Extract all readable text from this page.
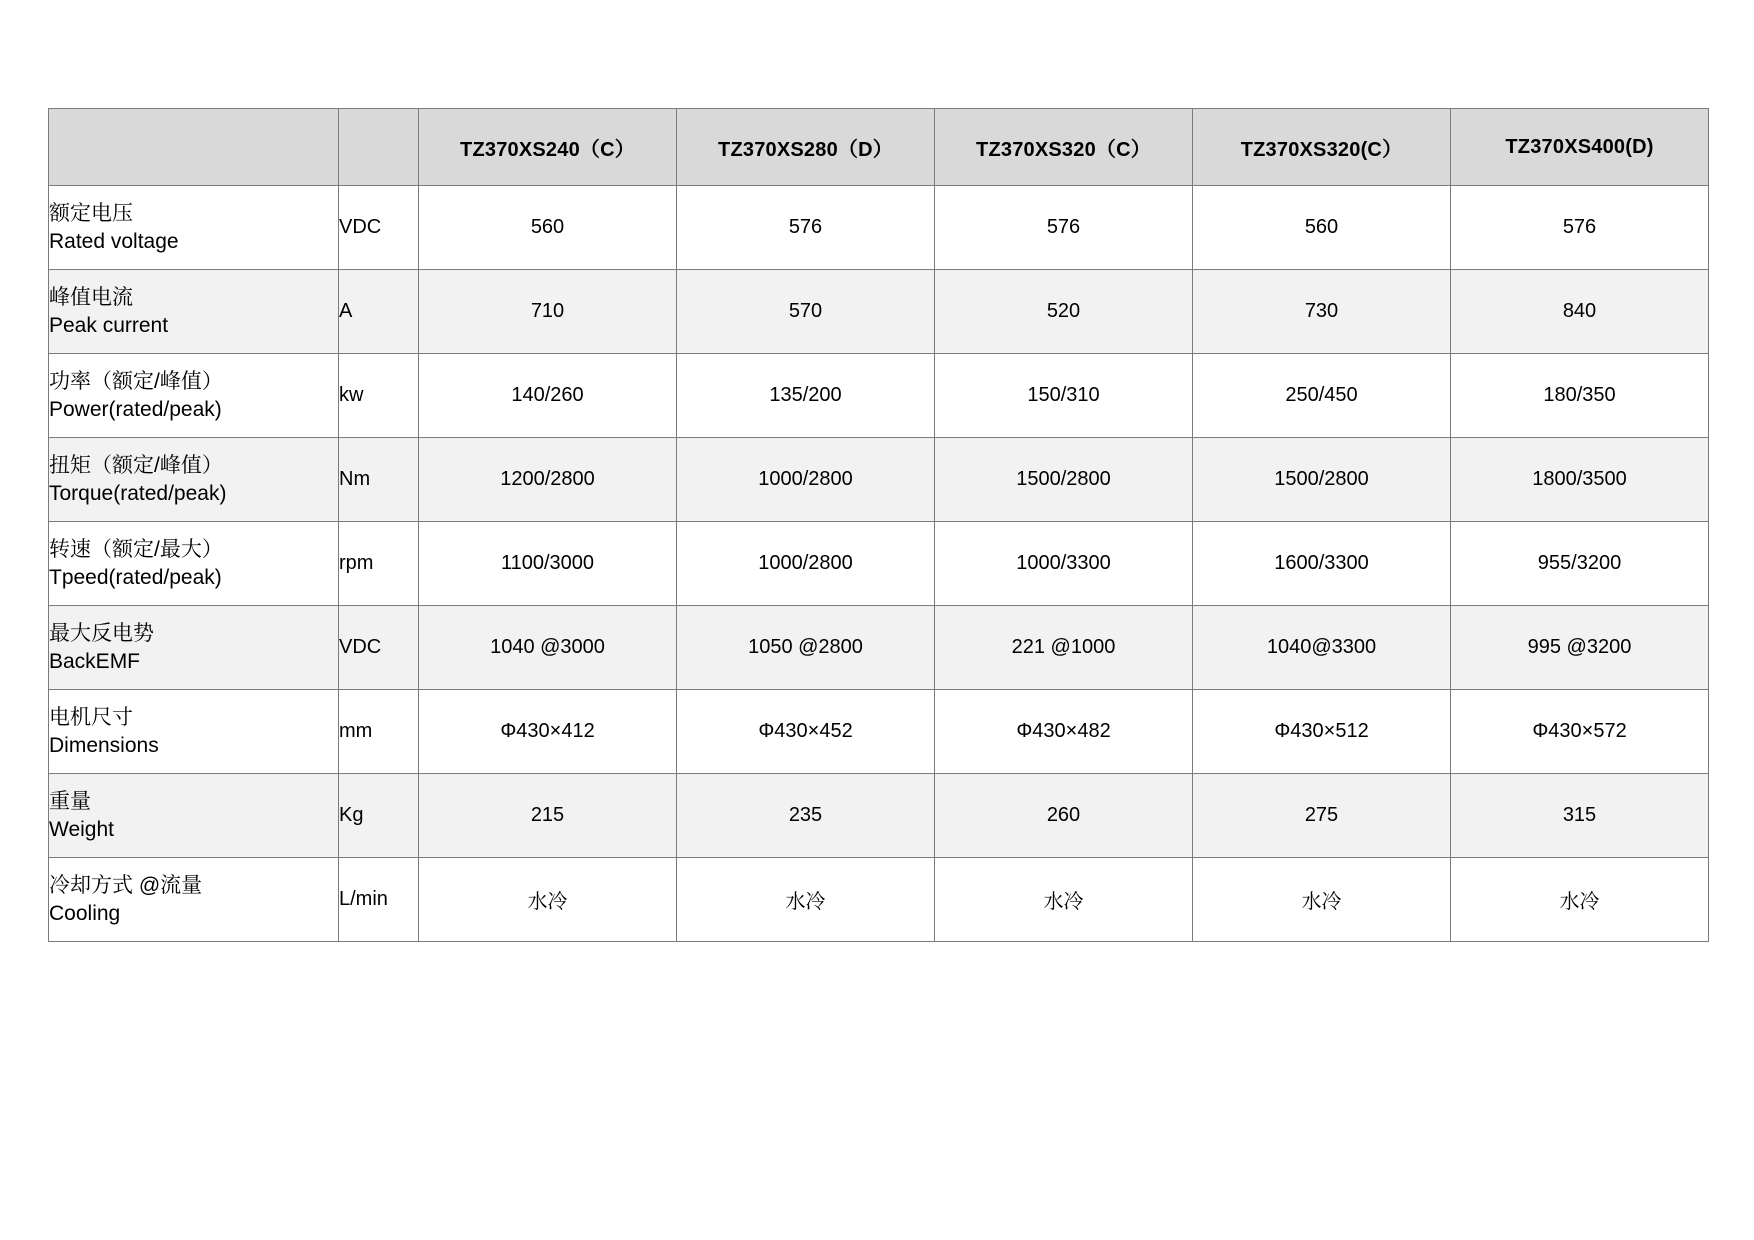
		TZ370XS240（C）	TZ370XS280（D）	TZ370XS320（C）	TZ370XS320(C）	TZ370XS400(D)

额定电压
Rated voltage	VDC	560	576	576	560	576

峰值电流
Peak current	A	710	570	520	730	840

功率（额定/峰值）
Power(rated/peak)	kw	140/260	135/200	150/310	250/450	180/350

扭矩（额定/峰值）
Torque(rated/peak)	Nm	1200/2800	1000/2800	1500/2800	1500/2800	1800/3500

转速（额定/最大）
Tpeed(rated/peak)	rpm	1100/3000	1000/2800	1000/3300	1600/3300	955/3200

最大反电势
BackEMF	VDC	1040 @3000	1050 @2800	221 @1000	1040@3300	995 @3200

电机尺寸
Dimensions	mm	Φ430×412	Φ430×452	Φ430×482	Φ430×512	Φ430×572

重量
Weight	Kg	215	235	260	275	315

冷却方式 @流量
Cooling	L/min	水冷	水冷	水冷	水冷	水冷
